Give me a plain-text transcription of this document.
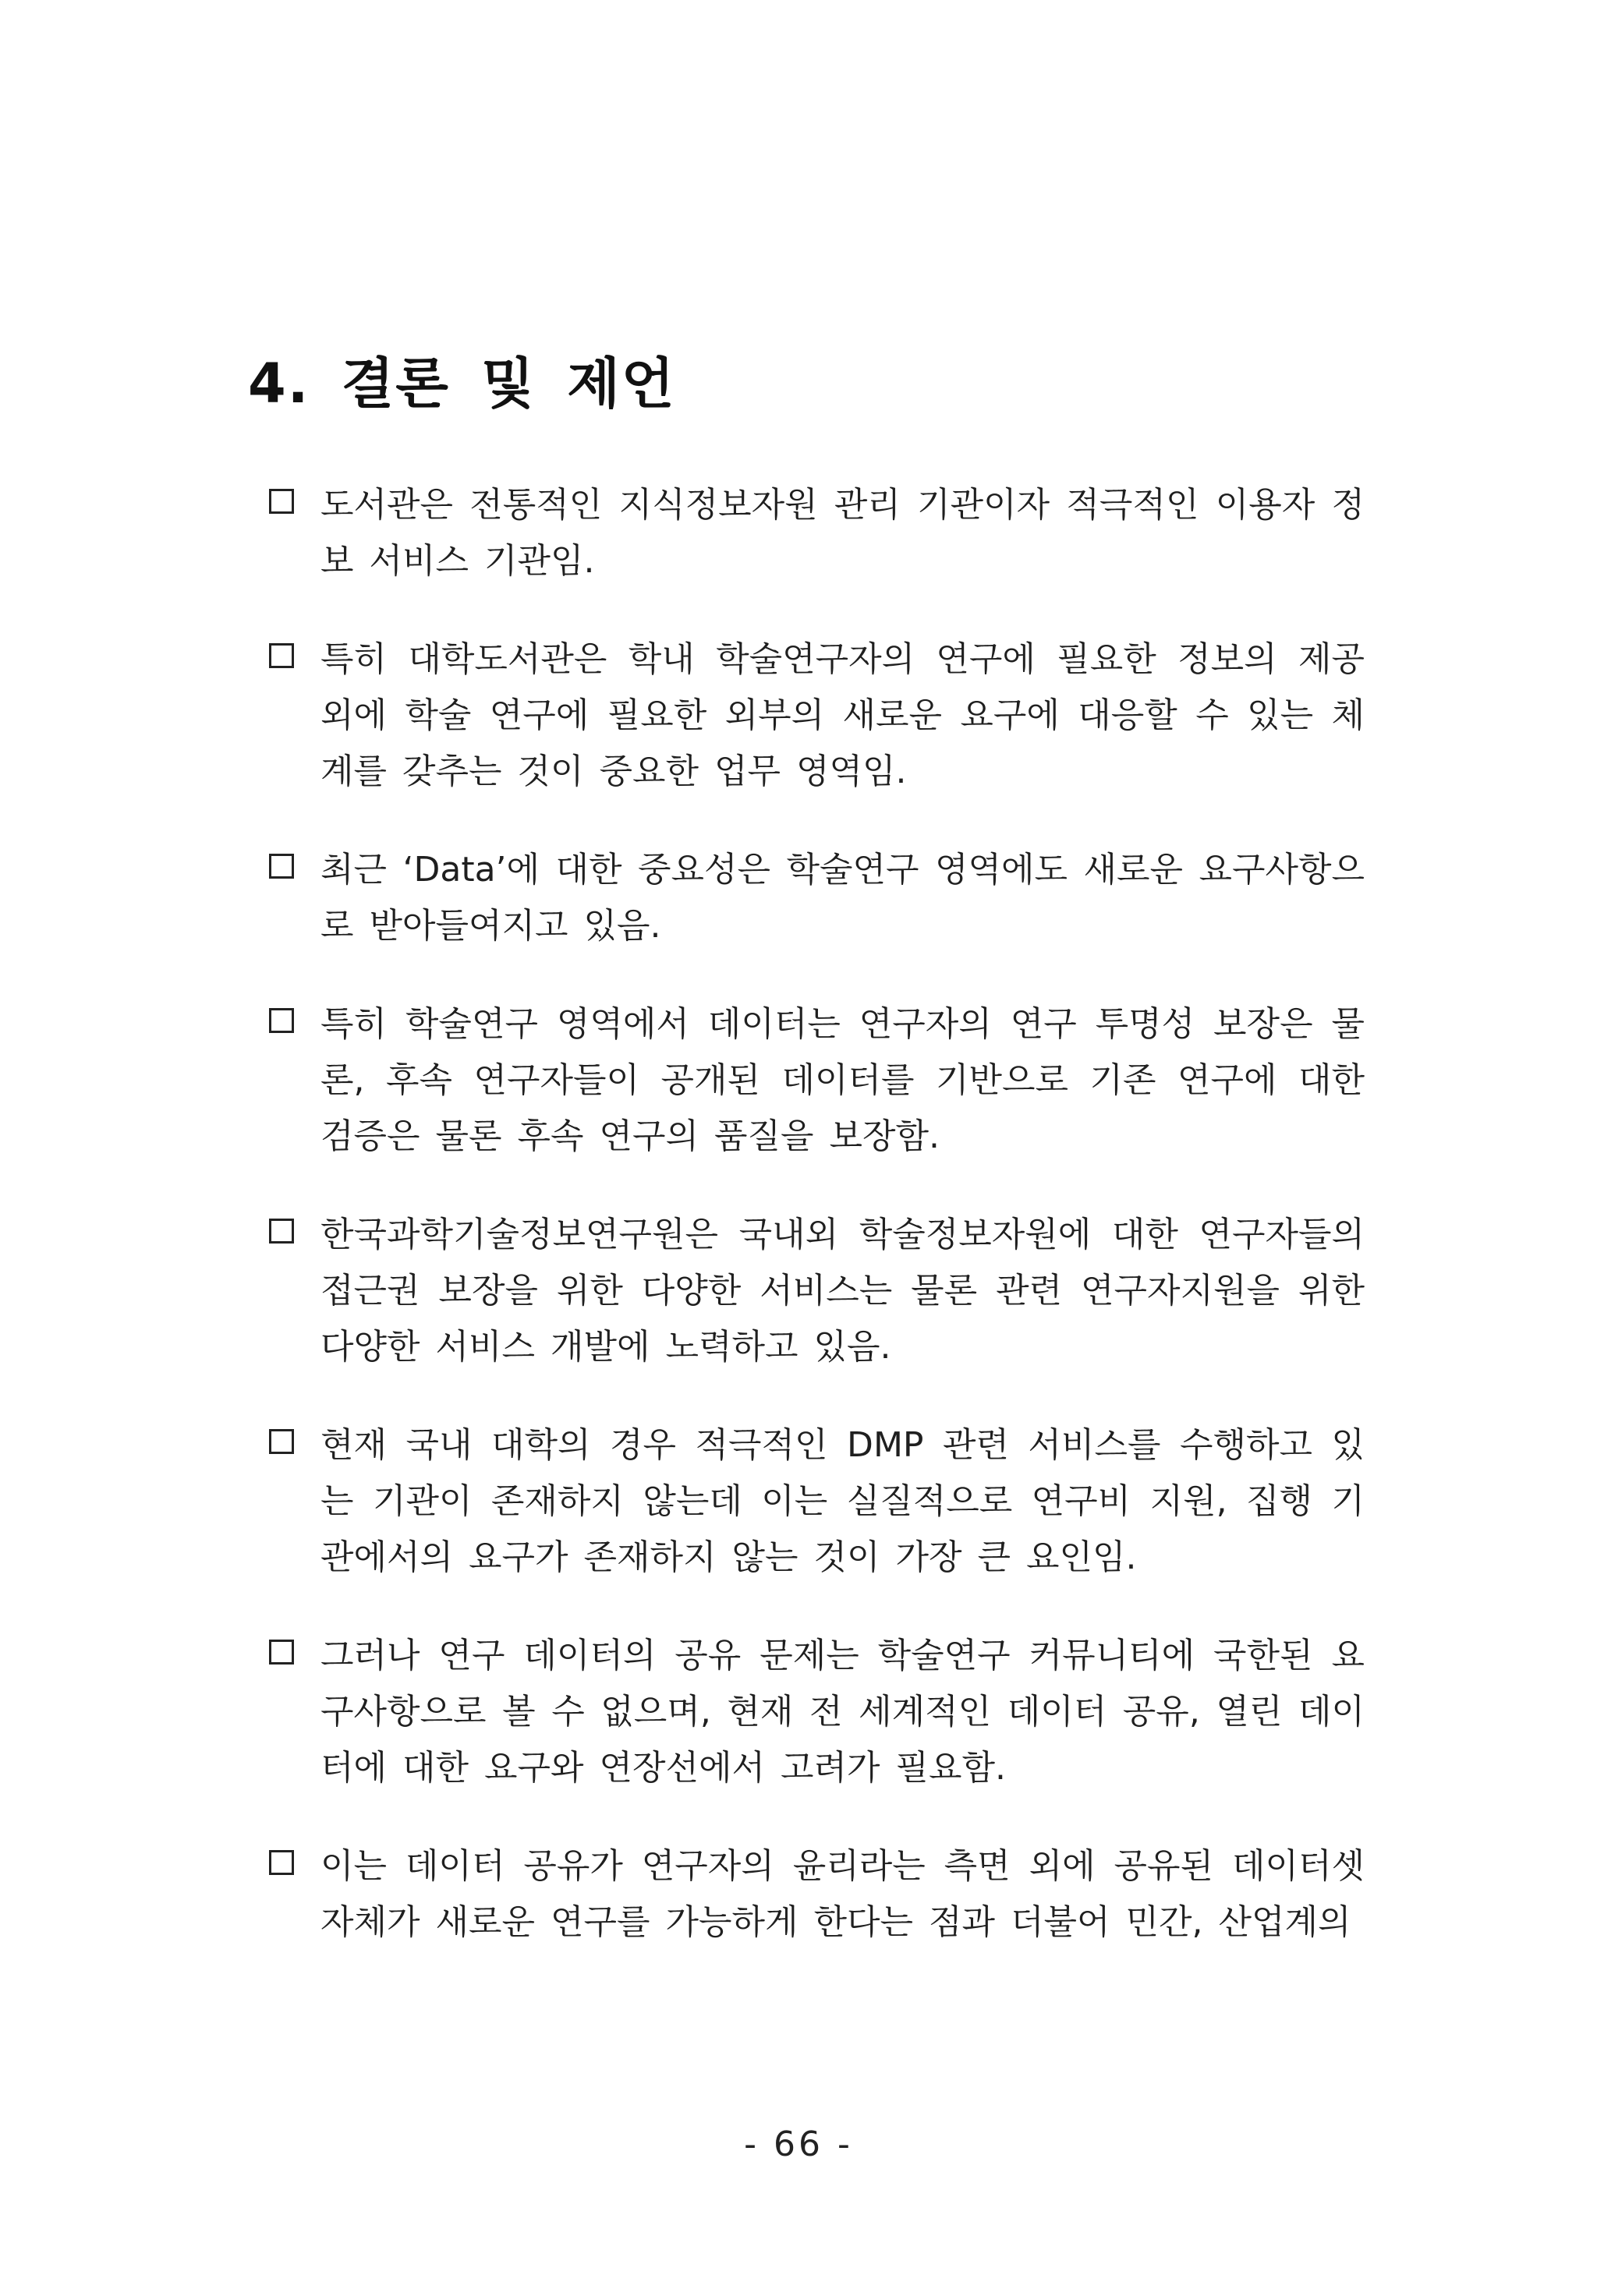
4. 결론 및 제언
도서관은 전통적인 지식정보자원 관리 기관이자 적극적인 이용자 정보 서비스 기관임.
특히 대학도서관은 학내 학술연구자의 연구에 필요한 정보의 제공 외에 학술 연구에 필요한 외부의 새로운 요구에 대응할 수 있는 체계를 갖추는 것이 중요한 업무 영역임.
최근 ‘Data’에 대한 중요성은 학술연구 영역에도 새로운 요구사항으로 받아들여지고 있음.
특히 학술연구 영역에서 데이터는 연구자의 연구 투명성 보장은 물론, 후속 연구자들이 공개된 데이터를 기반으로 기존 연구에 대한 검증은 물론 후속 연구의 품질을 보장함.
한국과학기술정보연구원은 국내외 학술정보자원에 대한 연구자들의 접근권 보장을 위한 다양한 서비스는 물론 관련 연구자지원을 위한 다양한 서비스 개발에 노력하고 있음.
현재 국내 대학의 경우 적극적인 DMP 관련 서비스를 수행하고 있는 기관이 존재하지 않는데 이는 실질적으로 연구비 지원, 집행 기관에서의 요구가 존재하지 않는 것이 가장 큰 요인임.
그러나 연구 데이터의 공유 문제는 학술연구 커뮤니티에 국한된 요구사항으로 볼 수 없으며, 현재 전 세계적인 데이터 공유, 열린 데이터에 대한 요구와 연장선에서 고려가 필요함.
이는 데이터 공유가 연구자의 윤리라는 측면 외에 공유된 데이터셋 자체가 새로운 연구를 가능하게 한다는 점과 더불어 민간, 산업계의
- 66 -
